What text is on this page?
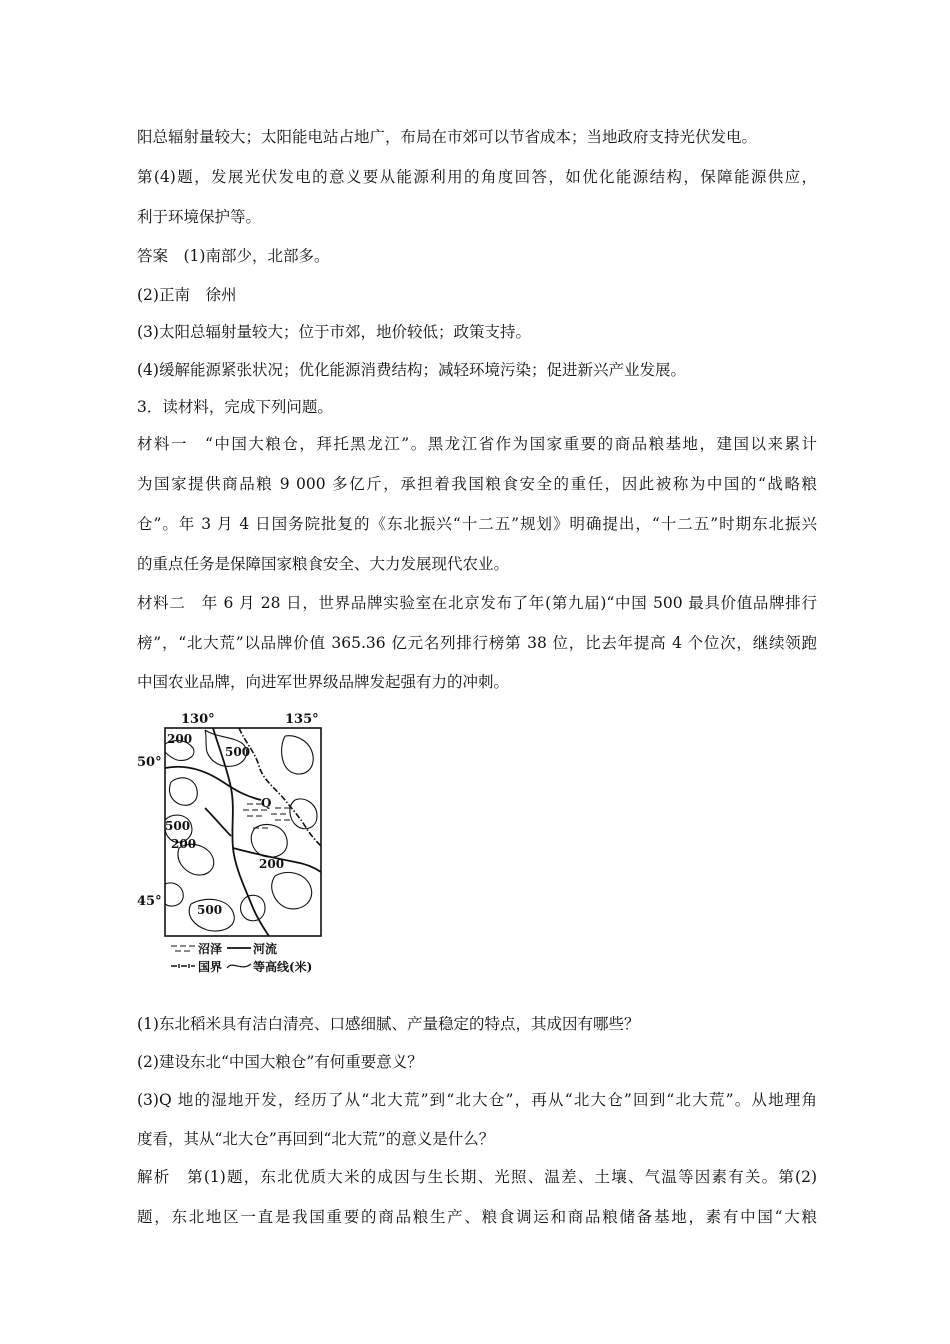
阳总辐射量较大；太阳能电站占地广，布局在市郊可以节省成本；当地政府支持光伏发电。
第(4)题，发展光伏发电的意义要从能源利用的角度回答，如优化能源结构，保障能源供应，
利于环境保护等。
答案　(1)南部少，北部多。
(2)正南　徐州
(3)太阳总辐射量较大；位于市郊，地价较低；政策支持。
(4)缓解能源紧张状况；优化能源消费结构；减轻环境污染；促进新兴产业发展。
3．读材料，完成下列问题。
材料一　“中国大粮仓，拜托黑龙江”。黑龙江省作为国家重要的商品粮基地，建国以来累计
为国家提供商品粮 9 000 多亿斤，承担着我国粮食安全的重任，因此被称为中国的“战略粮
仓”。年 3 月 4 日国务院批复的《东北振兴“十二五”规划》明确提出，“十二五”时期东北振兴
的重点任务是保障国家粮食安全、大力发展现代农业。
材料二　年 6 月 28 日，世界品牌实验室在北京发布了年(第九届)“中国 500 最具价值品牌排行
榜”，“北大荒”以品牌价值 365.36 亿元名列排行榜第 38 位，比去年提高 4 个位次，继续领跑
中国农业品牌，向进军世界级品牌发起强有力的冲刺。
130°	135°
50°
45°
200
500
500
200
200
500
Q
沼泽	河流
国界	等高线(米)
(1)东北稻米具有洁白清亮、口感细腻、产量稳定的特点，其成因有哪些？
(2)建设东北“中国大粮仓”有何重要意义？
(3)Q 地的湿地开发，经历了从“北大荒”到“北大仓”，再从“北大仓”回到“北大荒”。从地理角
度看，其从“北大仓”再回到“北大荒”的意义是什么？
解析　第(1)题，东北优质大米的成因与生长期、光照、温差、土壤、气温等因素有关。第(2)
题，东北地区一直是我国重要的商品粮生产、粮食调运和商品粮储备基地，素有中国“大粮
